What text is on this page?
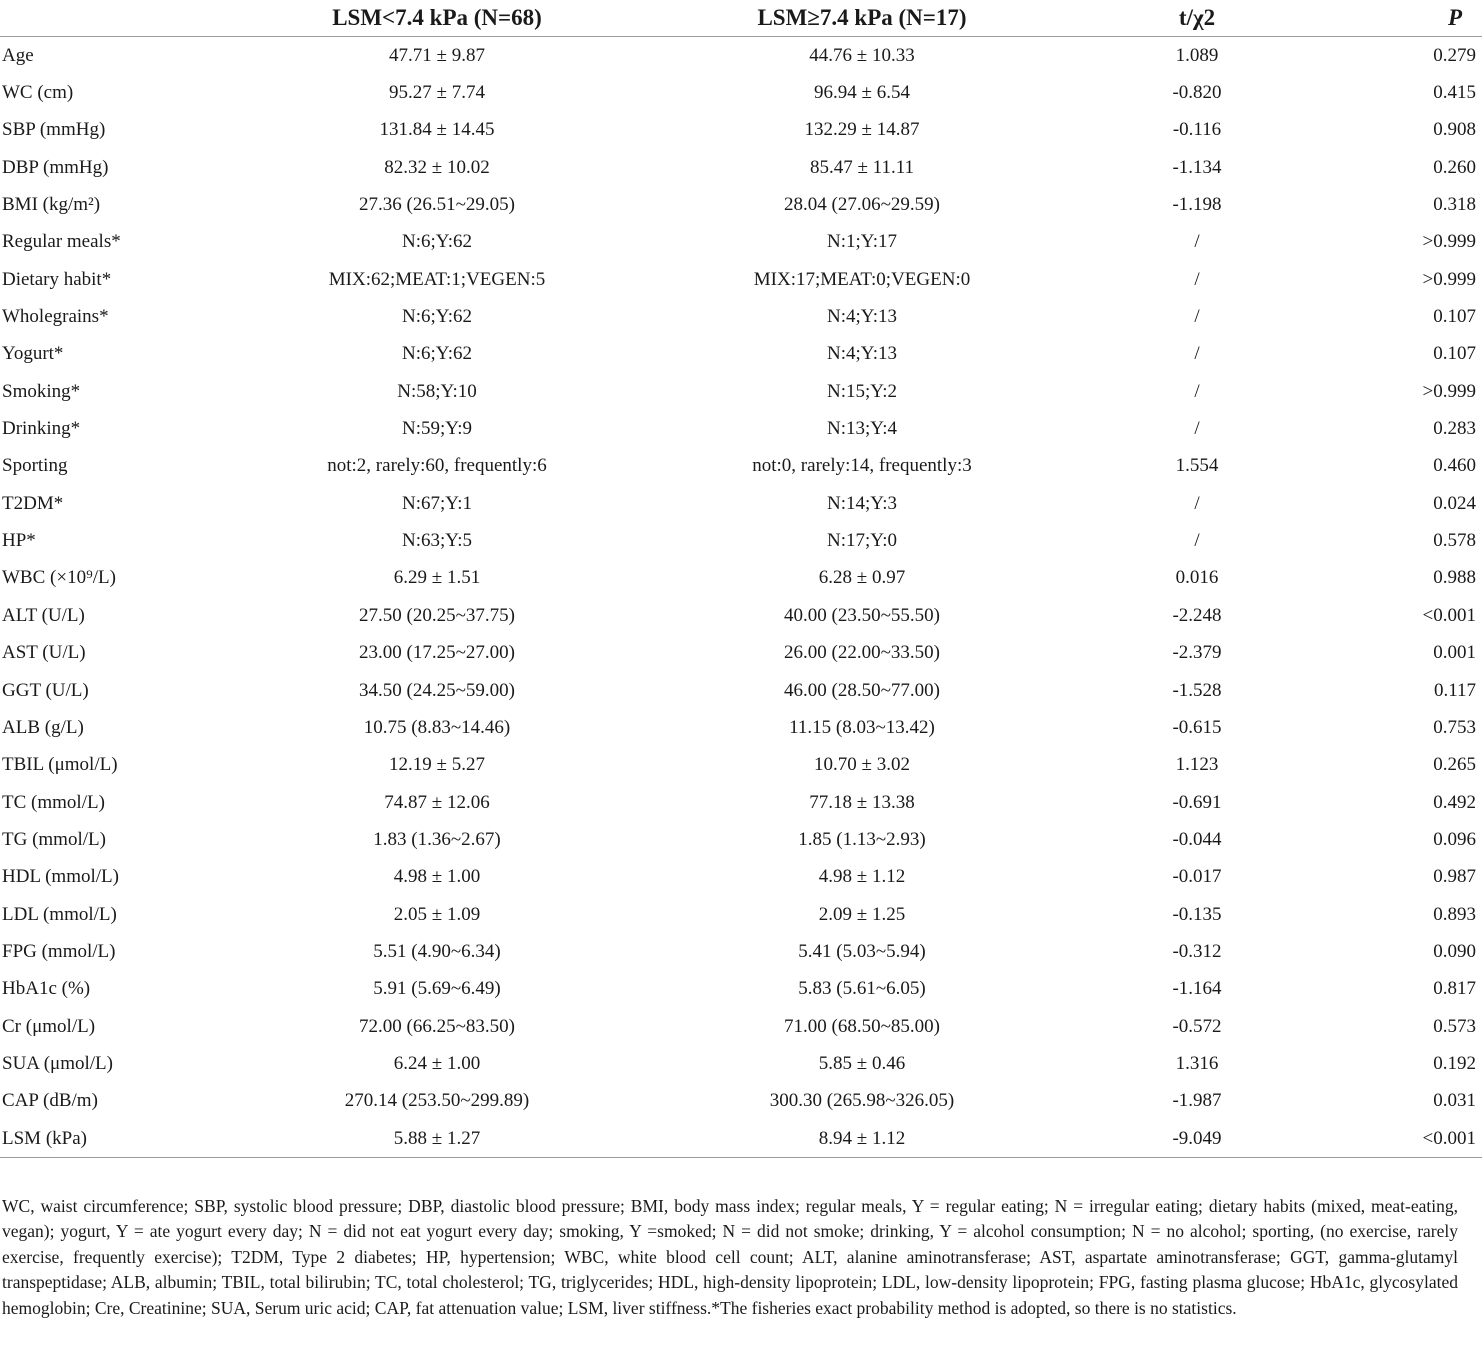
	LSM<7.4 kPa (N=68)	LSM≥7.4 kPa (N=17)	t/χ2	P
Age	47.71 ± 9.87	44.76 ± 10.33	1.089	0.279
WC (cm)	95.27 ± 7.74	96.94 ± 6.54	-0.820	0.415
SBP (mmHg)	131.84 ± 14.45	132.29 ± 14.87	-0.116	0.908
DBP (mmHg)	82.32 ± 10.02	85.47 ± 11.11	-1.134	0.260
BMI (kg/m²)	27.36 (26.51~29.05)	28.04 (27.06~29.59)	-1.198	0.318
Regular meals*	N:6;Y:62	N:1;Y:17	/	>0.999
Dietary habit*	MIX:62;MEAT:1;VEGEN:5	MIX:17;MEAT:0;VEGEN:0	/	>0.999
Wholegrains*	N:6;Y:62	N:4;Y:13	/	0.107
Yogurt*	N:6;Y:62	N:4;Y:13	/	0.107
Smoking*	N:58;Y:10	N:15;Y:2	/	>0.999
Drinking*	N:59;Y:9	N:13;Y:4	/	0.283
Sporting	not:2, rarely:60, frequently:6	not:0, rarely:14, frequently:3	1.554	0.460
T2DM*	N:67;Y:1	N:14;Y:3	/	0.024
HP*	N:63;Y:5	N:17;Y:0	/	0.578
WBC (×10⁹/L)	6.29 ± 1.51	6.28 ± 0.97	0.016	0.988
ALT (U/L)	27.50 (20.25~37.75)	40.00 (23.50~55.50)	-2.248	<0.001
AST (U/L)	23.00 (17.25~27.00)	26.00 (22.00~33.50)	-2.379	0.001
GGT (U/L)	34.50 (24.25~59.00)	46.00 (28.50~77.00)	-1.528	0.117
ALB (g/L)	10.75 (8.83~14.46)	11.15 (8.03~13.42)	-0.615	0.753
TBIL (μmol/L)	12.19 ± 5.27	10.70 ± 3.02	1.123	0.265
TC (mmol/L)	74.87 ± 12.06	77.18 ± 13.38	-0.691	0.492
TG (mmol/L)	1.83 (1.36~2.67)	1.85 (1.13~2.93)	-0.044	0.096
HDL (mmol/L)	4.98 ± 1.00	4.98 ± 1.12	-0.017	0.987
LDL (mmol/L)	2.05 ± 1.09	2.09 ± 1.25	-0.135	0.893
FPG (mmol/L)	5.51 (4.90~6.34)	5.41 (5.03~5.94)	-0.312	0.090
HbA1c (%)	5.91 (5.69~6.49)	5.83 (5.61~6.05)	-1.164	0.817
Cr (μmol/L)	72.00 (66.25~83.50)	71.00 (68.50~85.00)	-0.572	0.573
SUA (μmol/L)	6.24 ± 1.00	5.85 ± 0.46	1.316	0.192
CAP (dB/m)	270.14 (253.50~299.89)	300.30 (265.98~326.05)	-1.987	0.031
LSM (kPa)	5.88 ± 1.27	8.94 ± 1.12	-9.049	<0.001
WC, waist circumference; SBP, systolic blood pressure; DBP, diastolic blood pressure; BMI, body mass index; regular meals, Y = regular eating; N = irregular eating; dietary habits (mixed, meat-eating, vegan); yogurt, Y = ate yogurt every day; N = did not eat yogurt every day; smoking, Y =smoked; N = did not smoke; drinking, Y = alcohol consumption; N = no alcohol; sporting, (no exercise, rarely exercise, frequently exercise); T2DM, Type 2 diabetes; HP, hypertension; WBC, white blood cell count; ALT, alanine aminotransferase; AST, aspartate aminotransferase; GGT, gamma-glutamyl transpeptidase; ALB, albumin; TBIL, total bilirubin; TC, total cholesterol; TG, triglycerides; HDL, high-density lipoprotein; LDL, low-density lipoprotein; FPG, fasting plasma glucose; HbA1c, glycosylated hemoglobin; Cre, Creatinine; SUA, Serum uric acid; CAP, fat attenuation value; LSM, liver stiffness.*The fisheries exact probability method is adopted, so there is no statistics.
